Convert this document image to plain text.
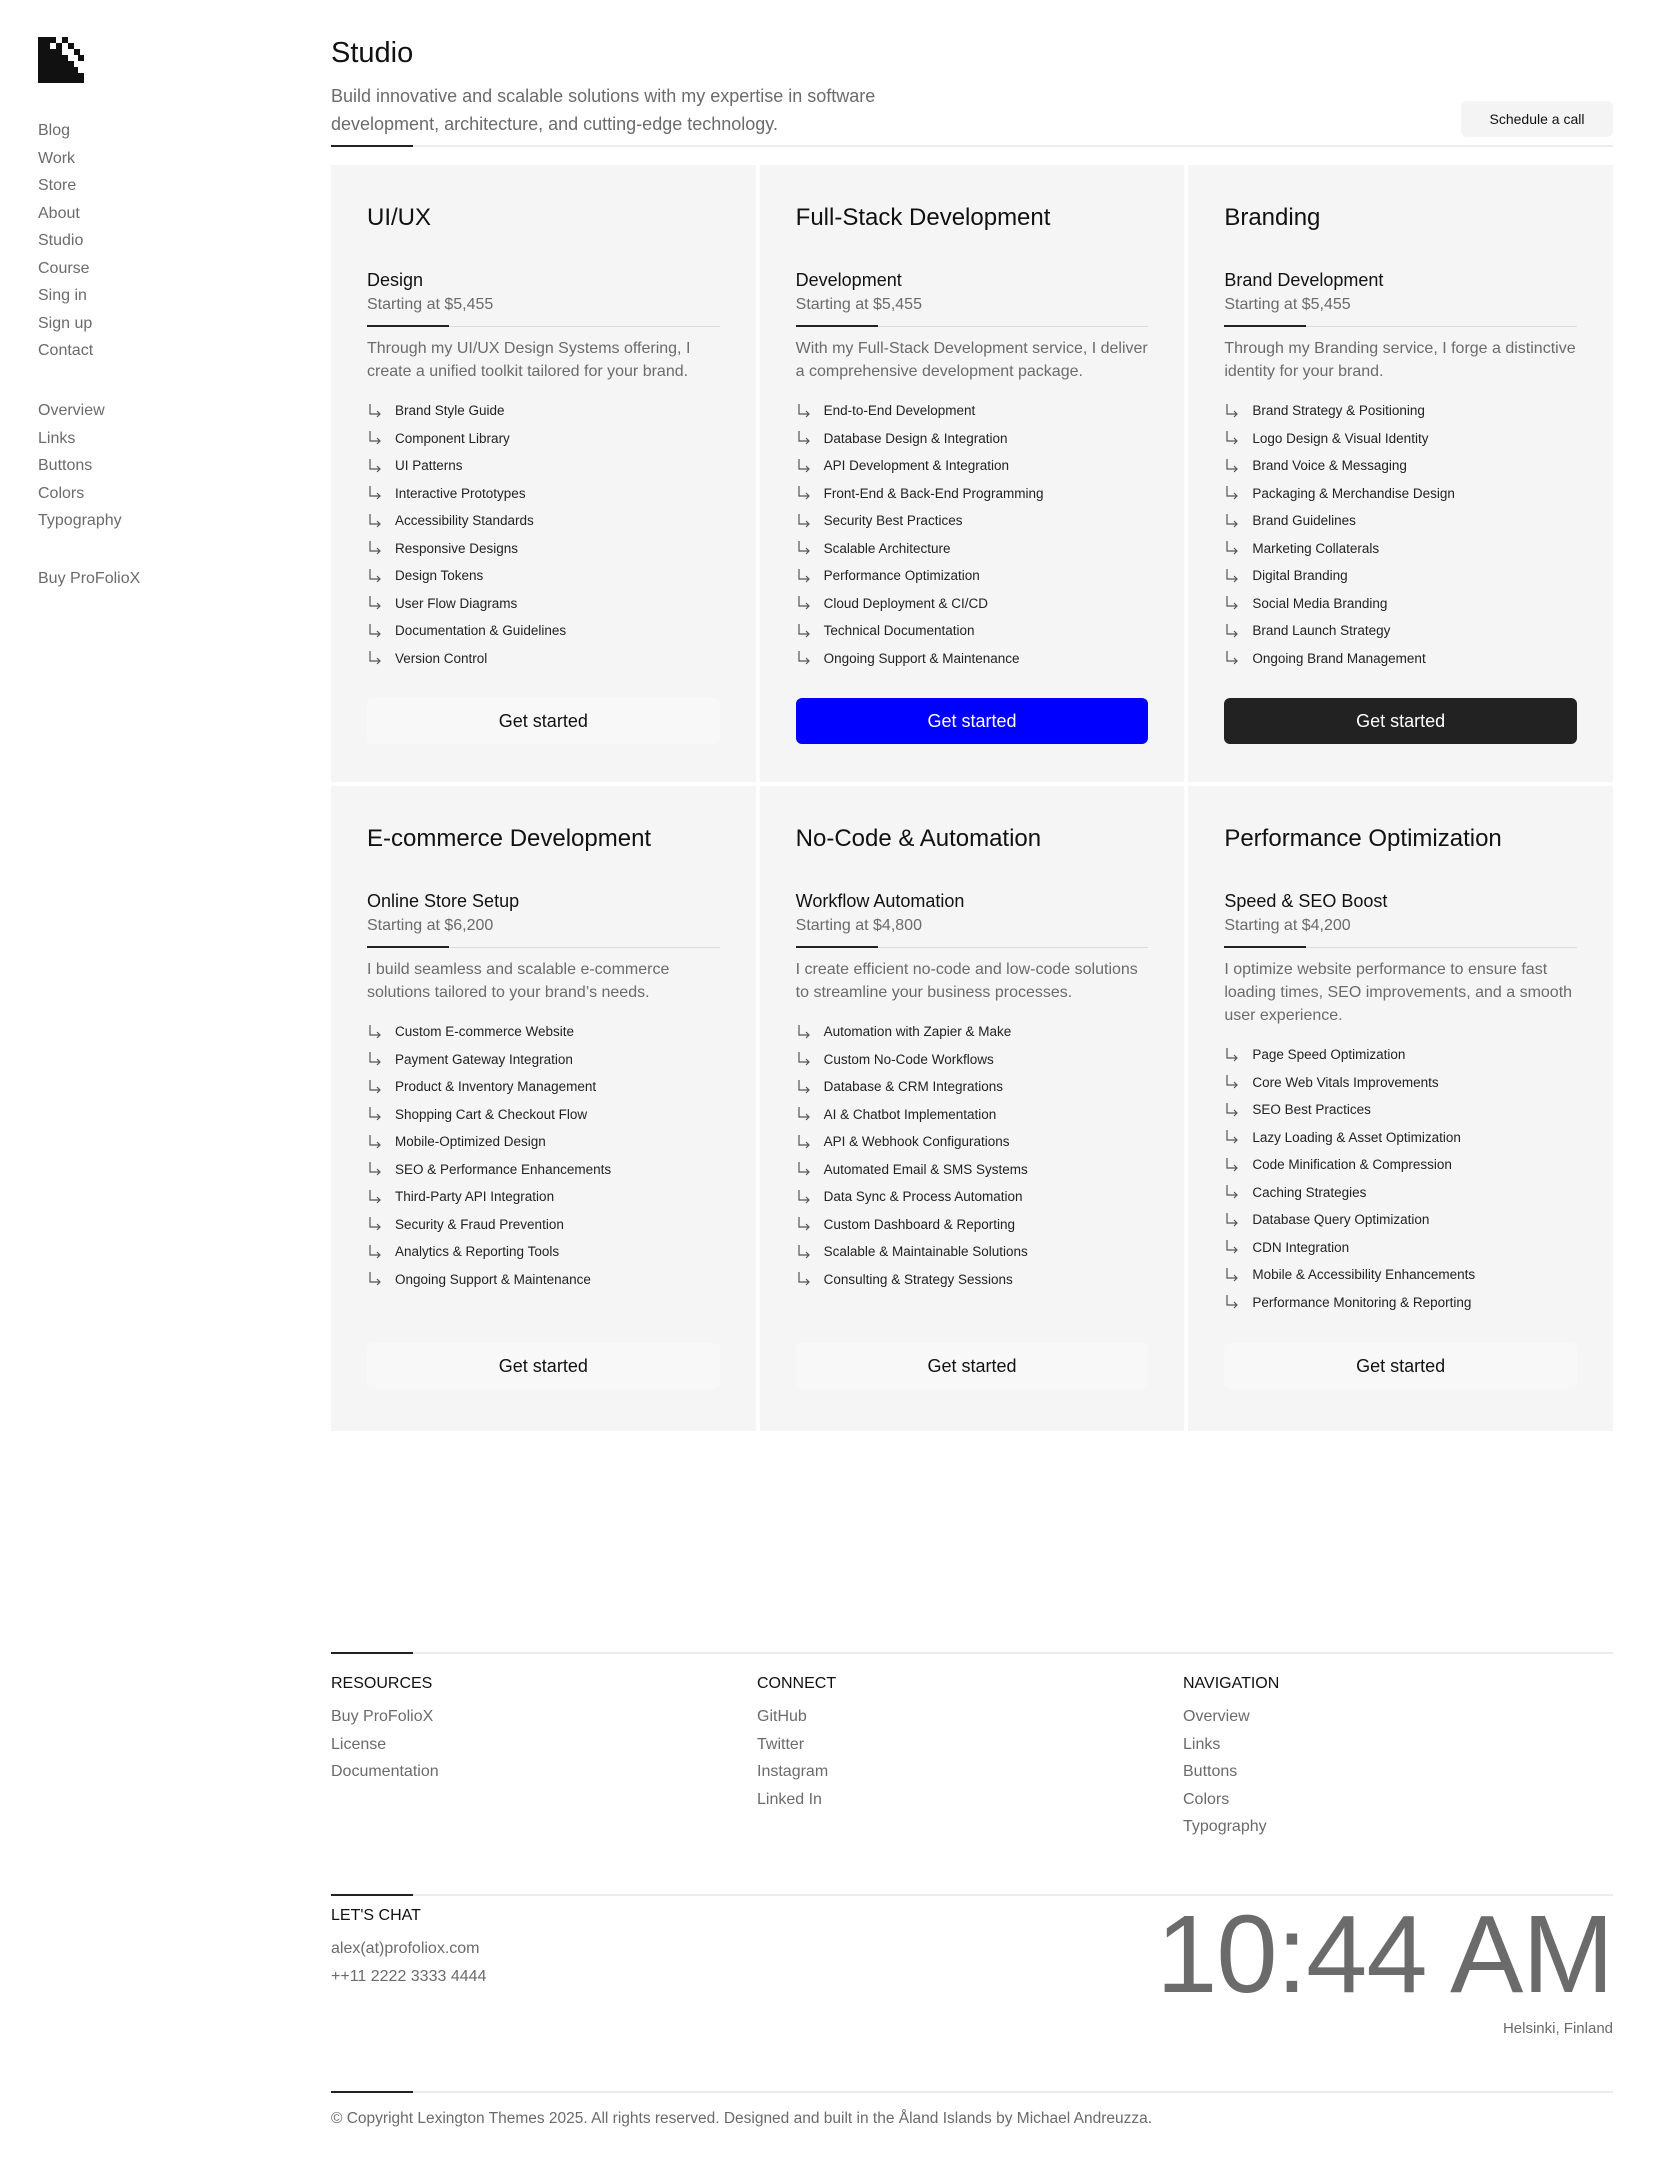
Blog
Work
Store
About
Studio
Course
Sing in
Sign up
Contact
Overview
Links
Buttons
Colors
Typography
Buy ProFolioX
Studio

Build innovative and scalable solutions with my expertise in software development, architecture, and cutting-edge technology.	Schedule a call
UI/UX
Design
Starting at $5,455

Through my UI/UX Design Systems offering, I create a unified toolkit tailored for your brand.

Brand Style Guide
Component Library
UI Patterns
Interactive Prototypes
Accessibility Standards
Responsive Designs
Design Tokens
User Flow Diagrams
Documentation & Guidelines
Version Control
Get started
Full-Stack Development
Development
Starting at $5,455

With my Full-Stack Development service, I deliver a comprehensive development package.

End-to-End Development
Database Design & Integration
API Development & Integration
Front-End & Back-End Programming
Security Best Practices
Scalable Architecture
Performance Optimization
Cloud Deployment & CI/CD
Technical Documentation
Ongoing Support & Maintenance
Get started
Branding
Brand Development
Starting at $5,455

Through my Branding service, I forge a distinctive identity for your brand.

Brand Strategy & Positioning
Logo Design & Visual Identity
Brand Voice & Messaging
Packaging & Merchandise Design
Brand Guidelines
Marketing Collaterals
Digital Branding
Social Media Branding
Brand Launch Strategy
Ongoing Brand Management
Get started
E-commerce Development
Online Store Setup
Starting at $6,200

I build seamless and scalable e-commerce solutions tailored to your brand’s needs.

Custom E-commerce Website
Payment Gateway Integration
Product & Inventory Management
Shopping Cart & Checkout Flow
Mobile-Optimized Design
SEO & Performance Enhancements
Third-Party API Integration
Security & Fraud Prevention
Analytics & Reporting Tools
Ongoing Support & Maintenance
Get started
No-Code & Automation
Workflow Automation
Starting at $4,800

I create efficient no-code and low-code solutions to streamline your business processes.

Automation with Zapier & Make
Custom No-Code Workflows
Database & CRM Integrations
AI & Chatbot Implementation
API & Webhook Configurations
Automated Email & SMS Systems
Data Sync & Process Automation
Custom Dashboard & Reporting
Scalable & Maintainable Solutions
Consulting & Strategy Sessions
Get started
Performance Optimization
Speed & SEO Boost
Starting at $4,200

I optimize website performance to ensure fast loading times, SEO improvements, and a smooth user experience.

Page Speed Optimization
Core Web Vitals Improvements
SEO Best Practices
Lazy Loading & Asset Optimization
Code Minification & Compression
Caching Strategies
Database Query Optimization
CDN Integration
Mobile & Accessibility Enhancements
Performance Monitoring & Reporting
Get started
RESOURCES
Buy ProFolioX
License
Documentation
CONNECT
GitHub
Twitter
Instagram
Linked In
NAVIGATION
Overview
Links
Buttons
Colors
Typography
LET'S CHAT
alex(at)profoliox.com
++11 2222 3333 4444	10:44 AM
Helsinki, Finland
© Copyright Lexington Themes 2025. All rights reserved. Designed and built in the Åland Islands by Michael Andreuzza.
